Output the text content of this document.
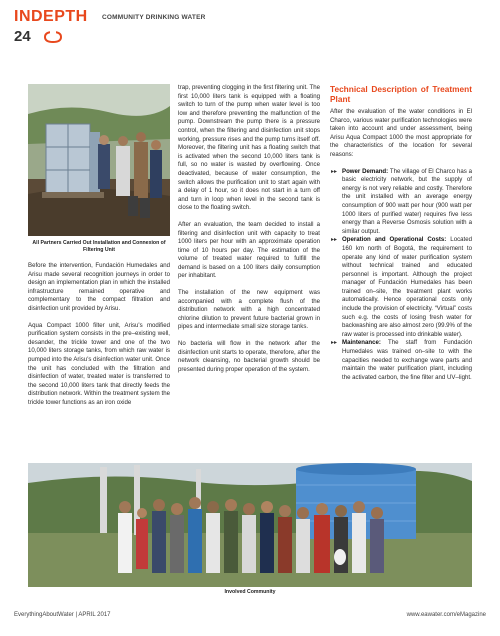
INDEPTH COMMUNITY DRINKING WATER
24
All Partners Carried Out Installation and Connexion of Filtering Unit

Before the intervention, Fundación Humedales and Arisu made several recognition journeys in order to design an implementation plan in which the installed infrastructure remained operative and complementary to the compact filtration and disinfection unit provided by Arisu.

Aqua Compact 1000 filter unit, Arisu's modified purification system consists in the pre–existing well, desander, the trickle tower and one of the two 10,000 liters storage tanks, from which raw water is pumped into the Arisu's disinfection water unit. Once the unit has concluded with the filtration and disinfection of water, treated water is transferred to the second 10,000 liters tank that directly feeds the distribution network. Within the treatment system the trickle tower functions as an iron oxide

trap, preventing clogging in the first filtering unit. The first 10,000 liters tank is equipped with a floating switch to turn of the pump when water level is too low and therefore preventing the malfunction of the pump. Downstream the pump there is a pressure control, when the filtering and disinfection unit stops working, pressure rises and the pump turns itself off. Moreover, the filtering unit has a floating switch that is activated when the second 10,000 liters tank is full, so no water is wasted by overflowing. Once deactivated, because of water consumption, the switch allows the purification unit to start again with a delay of 1 hour, so it does not start in a turn off and turn in loop when level in the second tank is close to the floating switch.

After an evaluation, the team decided to install a filtering and disinfection unit with capacity to treat 1000 liters per hour with an approximate operation time of 10 hours per day. The estimation of the volume of treated water required to fulfill the demand is based on a 100 liters daily consumption per inhabitant.

The installation of the new equipment was accompanied with a complete flush of the distribution network with a high concentrated chlorine dilution to prevent future bacterial grown in pipes and intermediate small size storage tanks.

No bacteria will flow in the network after the disinfection unit starts to operate, therefore, after the network cleansing, no bacterial growth should be presented during proper operation of the system.

Technical Description of Treatment Plant

After the evaluation of the water conditions in El Charco, various water purification technologies were taken into account and under assessment, being Arisu Aqua Compact 1000 the most appropriate for the characteristics of the location for several reasons:

▸▸ Power Demand: The village of El Charco has a basic electricity network, but the supply of energy is not very reliable and costly. Therefore the unit installed with an average energy consumption of 900 watt per hour (900 watt per 1000 liters of purified water) requires five less energy than a Reverse Osmosis solution with a similar output.
▸▸ Operation and Operational Costs: Located 160 km north of Bogotá, the requirement to operate any kind of water purification system without technical trained and educated personnel is important. Although the project manager of Fundación Humedales has been trained on–site, the treatment plant works automatically. Hence operational costs only include the provision of electricity. “Virtual” costs such e.g. the costs of losing fresh water for backwashing are also almost zero (99.9% of the raw water is processed into drinkable water).
▸▸ Maintenance: The staff from Fundación Humedales was trained on–site to with the capacities needed to exchange ware parts and maintain the water purification plant, including the activated carbon, the fine filter and UV–light.
Involved Community
EverythingAboutWater | APRIL 2017	www.eawater.com/eMagazine
